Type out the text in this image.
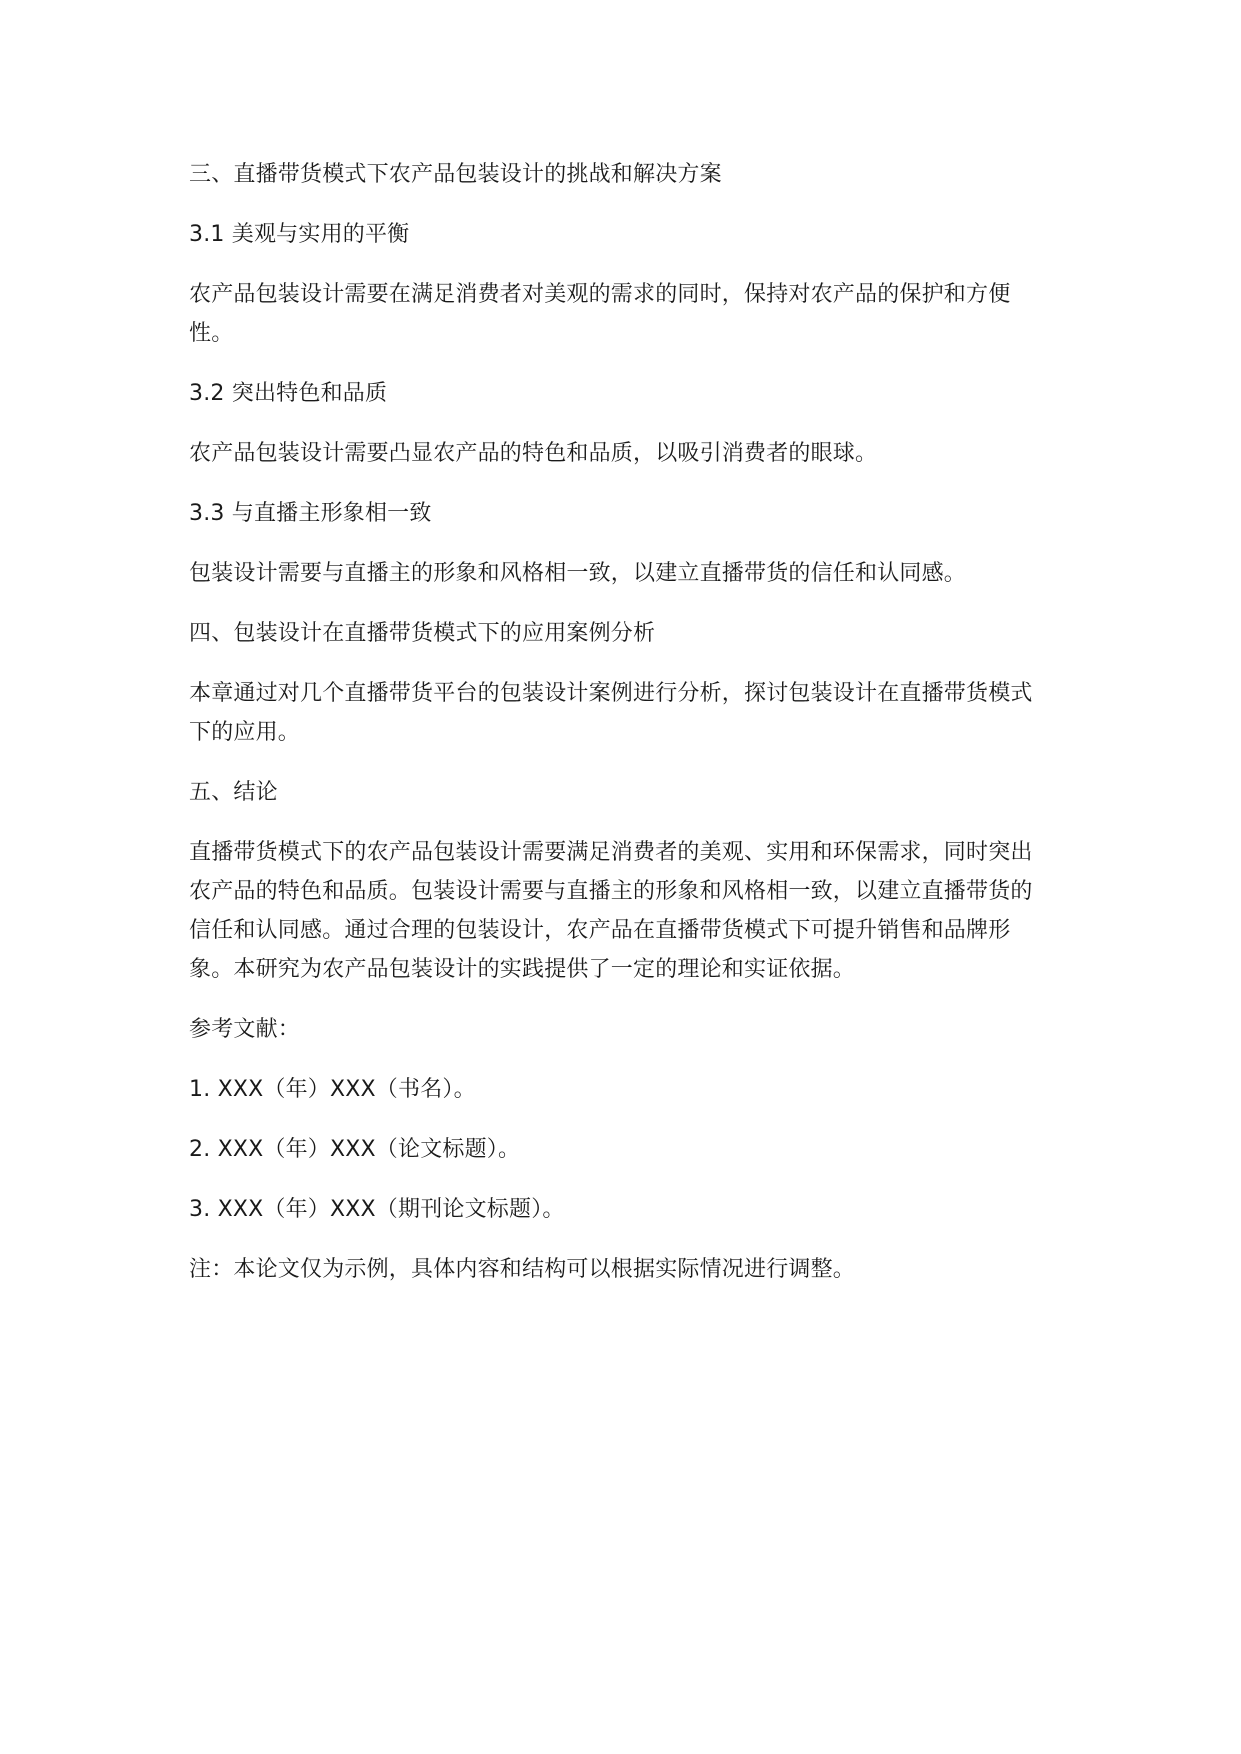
三、直播带货模式下农产品包装设计的挑战和解决方案

3.1 美观与实用的平衡

农产品包装设计需要在满足消费者对美观的需求的同时，保持对农产品的保护和方便性。

3.2 突出特色和品质

农产品包装设计需要凸显农产品的特色和品质，以吸引消费者的眼球。

3.3 与直播主形象相一致

包装设计需要与直播主的形象和风格相一致，以建立直播带货的信任和认同感。

四、包装设计在直播带货模式下的应用案例分析

本章通过对几个直播带货平台的包装设计案例进行分析，探讨包装设计在直播带货模式下的应用。

五、结论

直播带货模式下的农产品包装设计需要满足消费者的美观、实用和环保需求，同时突出农产品的特色和品质。包装设计需要与直播主的形象和风格相一致，以建立直播带货的信任和认同感。通过合理的包装设计，农产品在直播带货模式下可提升销售和品牌形象。本研究为农产品包装设计的实践提供了一定的理论和实证依据。

参考文献：

1. XXX（年）XXX（书名）。

2. XXX（年）XXX（论文标题）。

3. XXX（年）XXX（期刊论文标题）。

注：本论文仅为示例，具体内容和结构可以根据实际情况进行调整。
